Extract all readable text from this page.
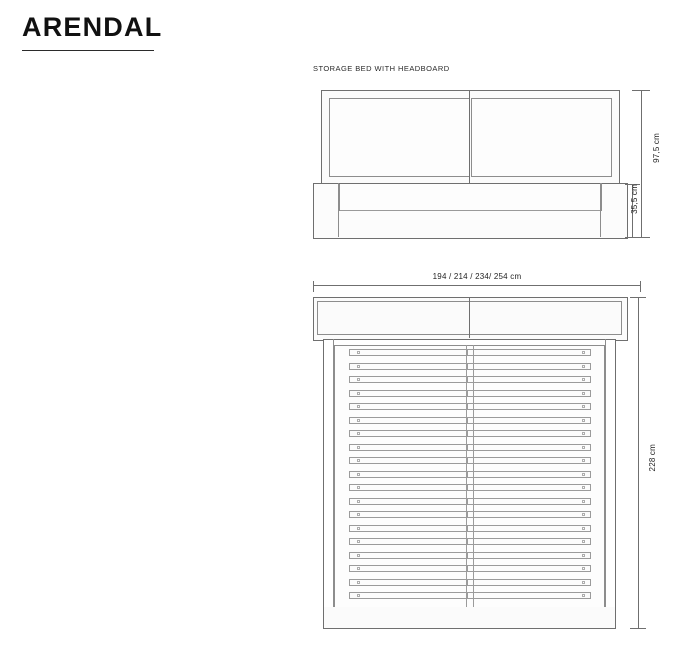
ARENDAL
STORAGE BED WITH HEADBOARD
97,5 cm
35,5 cm
194 / 214 / 234/ 254 cm
228 cm
